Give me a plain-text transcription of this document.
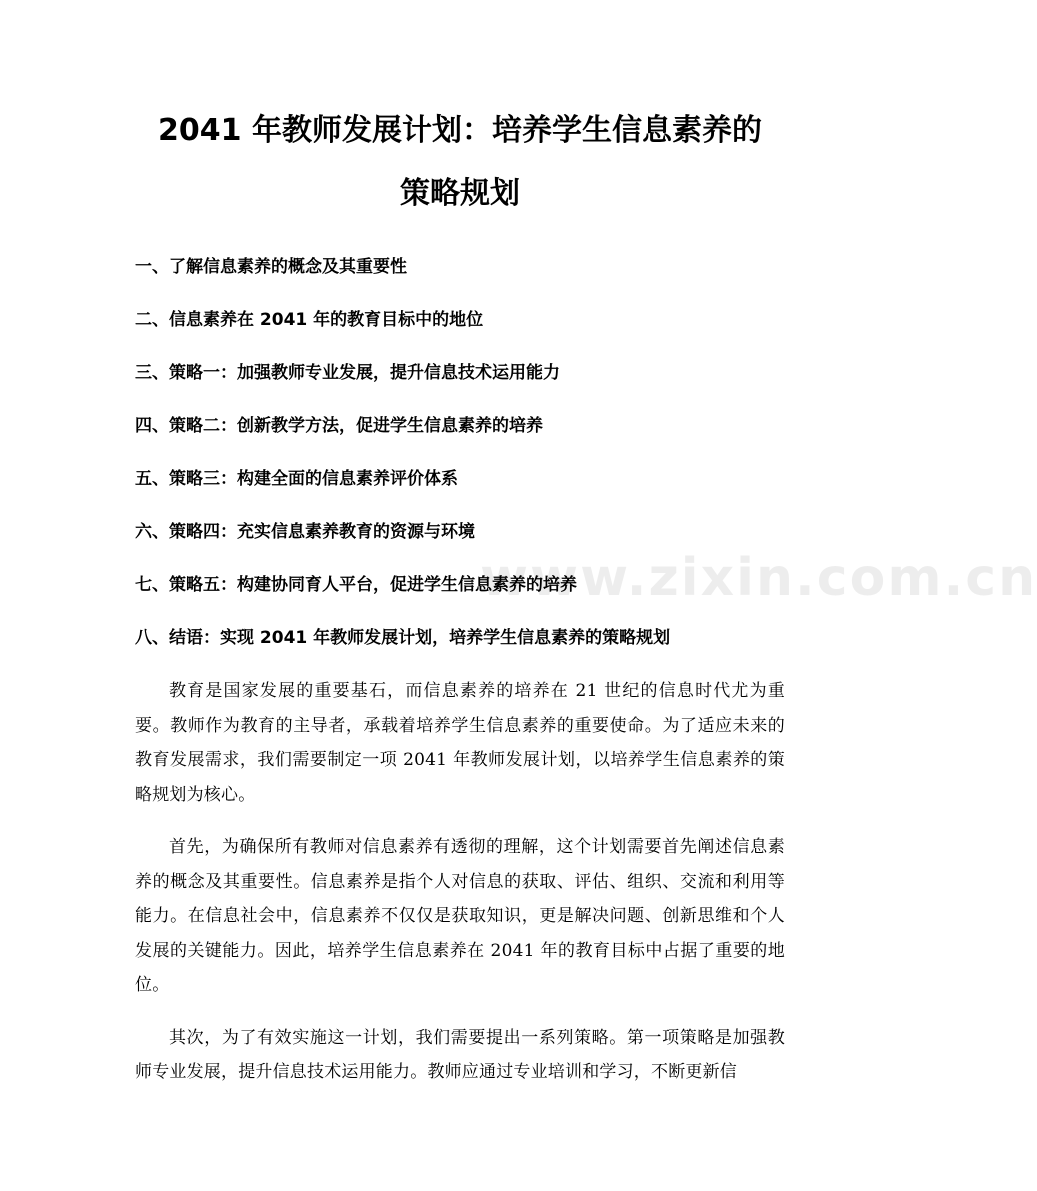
2041 年教师发展计划：培养学生信息素养的
策略规划
一、了解信息素养的概念及其重要性
二、信息素养在 2041 年的教育目标中的地位
三、策略一：加强教师专业发展，提升信息技术运用能力
四、策略二：创新教学方法，促进学生信息素养的培养
五、策略三：构建全面的信息素养评价体系
六、策略四：充实信息素养教育的资源与环境
七、策略五：构建协同育人平台，促进学生信息素养的培养
八、结语：实现 2041 年教师发展计划，培养学生信息素养的策略规划

教育是国家发展的重要基石，而信息素养的培养在 21 世纪的信息时代尤为重要。教师作为教育的主导者，承载着培养学生信息素养的重要使命。为了适应未来的教育发展需求，我们需要制定一项 2041 年教师发展计划，以培养学生信息素养的策略规划为核心。

首先，为确保所有教师对信息素养有透彻的理解，这个计划需要首先阐述信息素养的概念及其重要性。信息素养是指个人对信息的获取、评估、组织、交流和利用等能力。在信息社会中，信息素养不仅仅是获取知识，更是解决问题、创新思维和个人发展的关键能力。因此，培养学生信息素养在 2041 年的教育目标中占据了重要的地位。

其次，为了有效实施这一计划，我们需要提出一系列策略。第一项策略是加强教师专业发展，提升信息技术运用能力。教师应通过专业培训和学习，不断更新信

www.zixin.com.cn
